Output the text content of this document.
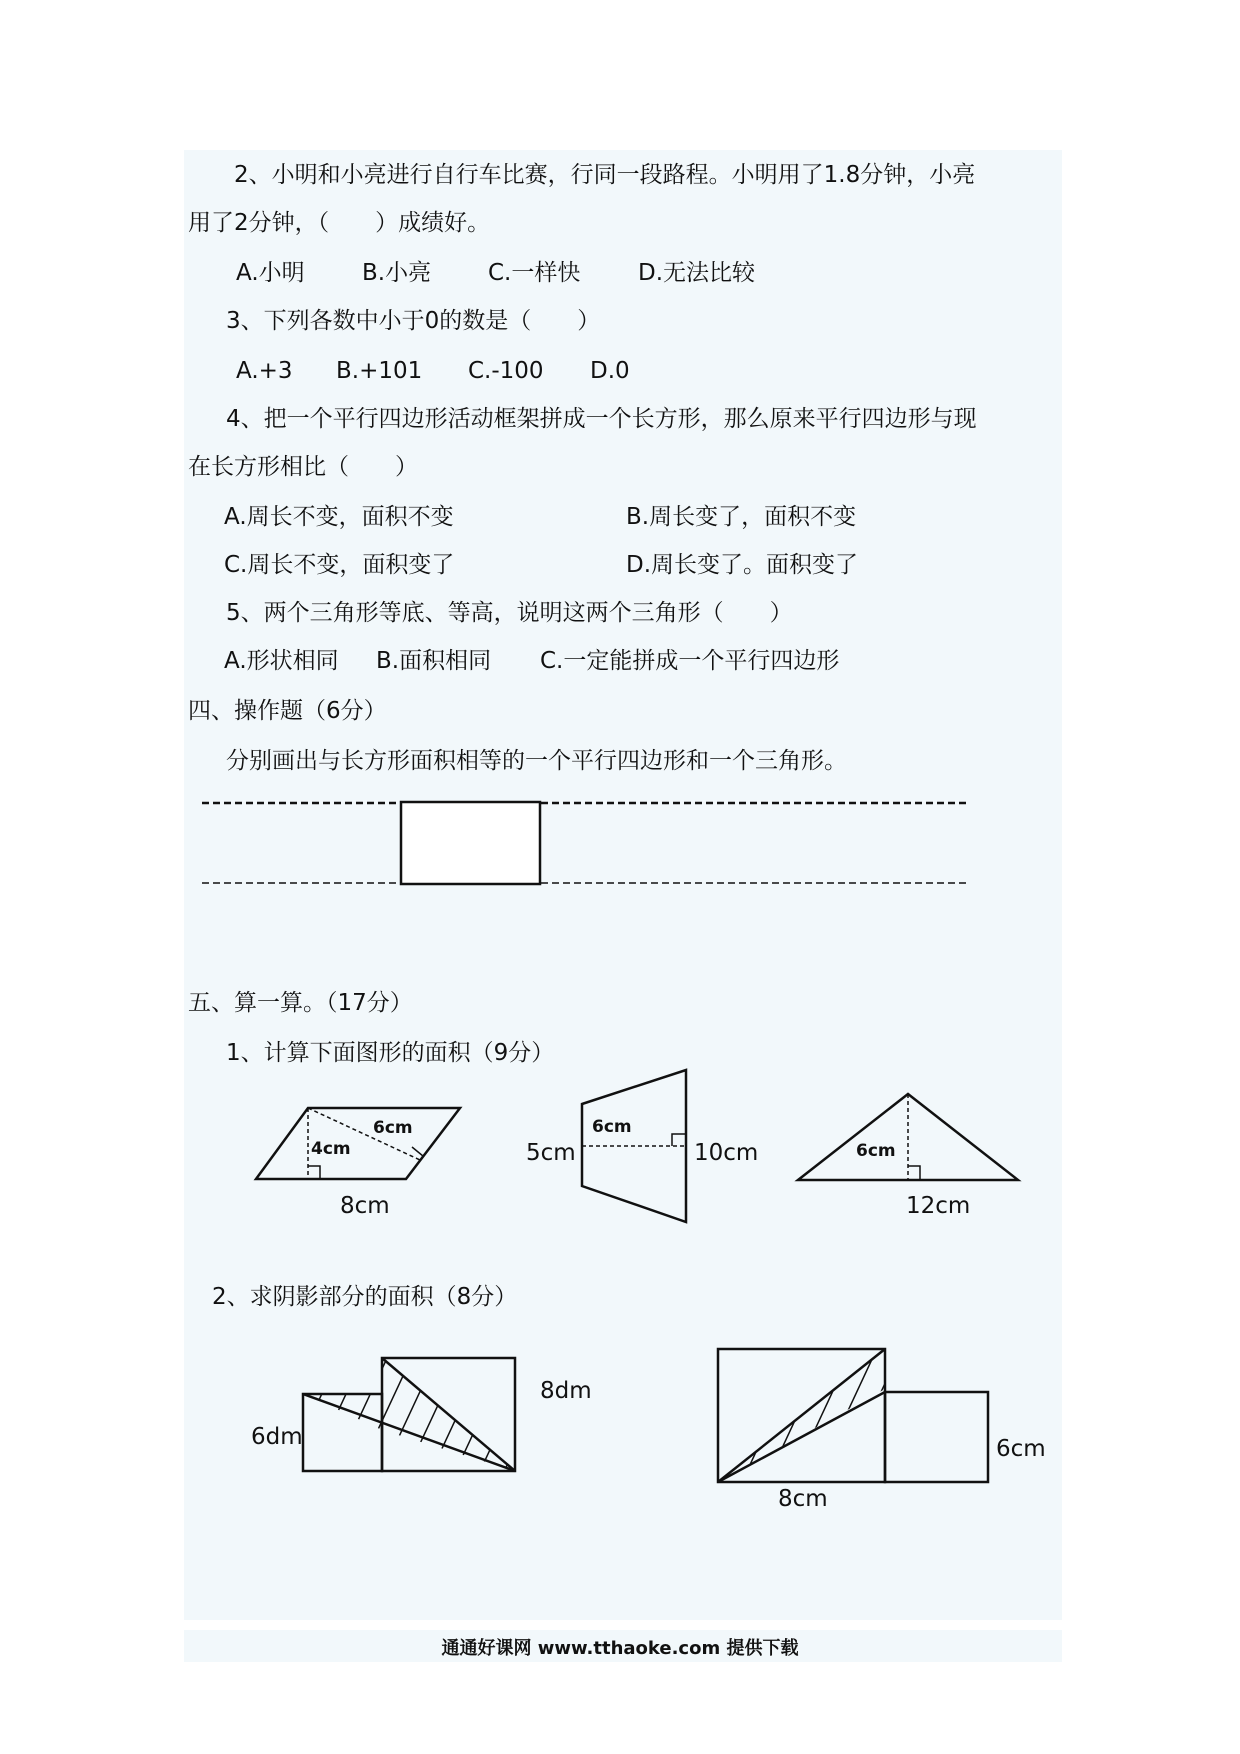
2、小明和小亮进行自行车比赛，行同一段路程。小明用了1.8分钟，小亮
用了2分钟，（　　）成绩好。
A.小明 B.小亮 C.一样快	D.无法比较
3、下列各数中小于0的数是（　　）
A.+3 B.+101 C.-100 D.0
4、把一个平行四边形活动框架拼成一个长方形，那么原来平行四边形与现
在长方形相比（　　）
A.周长不变，面积不变	B.周长变了，面积不变
C.周长不变，面积变了	D.周长变了。面积变了
5、两个三角形等底、等高，说明这两个三角形（　　）
A.形状相同 B.面积相同 C.一定能拼成一个平行四边形
四、操作题（6分）
分别画出与长方形面积相等的一个平行四边形和一个三角形。
五、算一算。（17分）
1、计算下面图形的面积（9分）
2、求阴影部分的面积（8分）
6cm
4cm
8cm
6cm
5cm	10cm	6cm
12cm
6dm
8dm
8cm
6cm
通通好课网 www.tthaoke.com 提供下载
